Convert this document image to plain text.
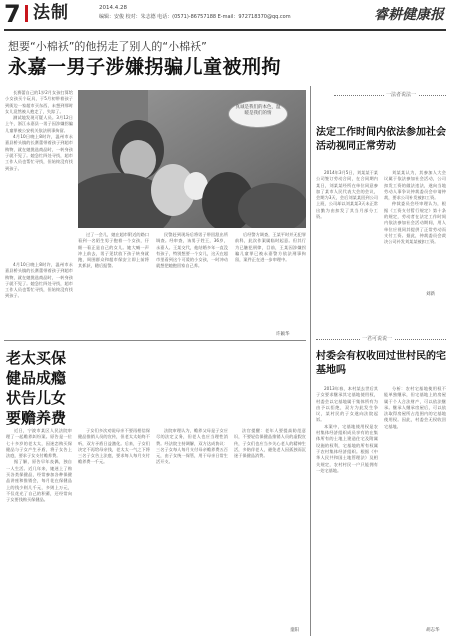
7 法制	2014.4.28
编辑：安俊 校对：朱志德 电话：(0571)-86757188 E-mail：972718370@qq.com	睿耕健康报
想要“小棉袄”的他拐走了别人的“小棉袄”
永嘉一男子涉嫌拐骗儿童被刑拘

长赛蕾自己的1岁2月女孩打算给小女孩买个玩具，于5月初带着孩子到街边一家超市买东西，未想到那时女儿竟然被人抱走了，失踪了。

测试地发现可疑人员。3月12日上午，浙江永嘉县一男子因涉嫌拐骗儿童罪被公安机关依法刑事拘留。

4月10日晚上8时许，温州市永嘉县桥头镇的长赛蕾带着孩子到超市购物，就在她挑选商品时，一转身孩子就不见了。她急忙四处寻找，超市工作人员也帮忙寻找，但始终没有找到孩子。

真诚是我们的本色，温暖是我们的情

过了一会儿，她在超市附近的路口看到一名陌生男子抱着一个女孩，仔细一看正是自己的女儿。她大喊一声冲上前去，男子见状放下孩子转身就跑，周围群众和超市保安立即上前将其抓获，随后报警。

民警赶到现场后将男子带回派出所调查。经审查，该男子姓王，36岁，永嘉人。王某交代，他结婚多年一直没有孩子，特别想要一个女儿，这天在超市里看到这个可爱的小女孩，一时冲动就想把她抱回家自己养。

后经警方调查，王某平时并无犯罪前科，此次作案属临时起意。但其行为已触犯刑律，目前，王某因涉嫌拐骗儿童罪已被永嘉警方依法刑事拘留，案件正在进一步审理中。

4月10日晚上8时许，温州市永嘉县桥头镇的长赛蕾带着孩子到超市购物，就在她挑选商品时，一转身孩子就不见了。她急忙四处寻找，超市工作人员也帮忙寻找，但始终没有找到孩子。

许颖华
一法者说法一
法定工作时间内依法参加社会活动视同正常劳动

2014年3月5日，刘某某于某公司签订劳动合同，在合同期内某日，刘某某经所在单位同意参加了某市人民代表大会的会议，会期为3天，会后刘某某回到公司上班，公司却以刘某某3天未正常出勤为由扣发了其当月部分工资。

刘某某认为，其参加人大会议属于依法参加社会活动，公司扣发工资的做法违法，遂向当地劳动人事争议仲裁委员会申请仲裁，要求公司补发被扣工资。

仲裁委员会经审理认为，根据《工资支付暂行规定》第十条的规定，劳动者在法定工作时间内依法参加社会活动期间，用人单位应视同其提供了正常劳动而支付工资。据此，仲裁委员会裁决公司补发刘某某被扣工资。

刘新
一君可说说一
村委会有权收回过世村民的宅基地吗

2013年春，本村某去世后其子女要求继承其宅基地使用权，村委会以宅基地属于集体所有为由予以拒绝，双方为此发生争议，某村民的子女遂向法院起诉。

本案中，宅基地使用权是农村集体经济组织成员享有的在集体所有的土地上建造住宅及附属设施的权利，宅基地的所有权属于农村集体经济组织。根据《中华人民共和国土地管理法》及相关规定，农村村民一户只能拥有一处宅基地。

分析：农村宅基地使用权不能单独继承，但宅基地上的房屋属于个人合法财产，可以依法继承。继承人继承房屋后，可以依法取得房屋所占范围内的宅基地使用权。因此，村委会无权收回宅基地。

胡志华
老太买保健品成瘾 状告儿女要赡养费

近日，宁波市某区人民法院审理了一起赡养纠纷案。原告是一位七十多岁的老太太，因迷恋购买保健品与子女产生矛盾，将子女告上法庭，要求子女支付赡养费。

据了解，原告早年丧偶，独自一人生活。近几年来，她迷上了购买各类保健品，经常参加各种保健品讲座和推销会，每月花在保健品上的钱少则几千元，多则上万元，不仅花光了自己的积蓄，还经常向子女要钱购买保健品。

子女们多次劝说母亲不要再相信保健品推销人员的宣传，但老太太始终不听，双方矛盾日益激化。后来，子女们决定不再给母亲钱，老太太一气之下将三名子女告上法庭，要求每人每月支付赡养费一千元。

法院审理认为，赡养父母是子女应尽的法定义务，但老人也应当理性消费。经法院主持调解，双方达成协议：三名子女每人每月支付母亲赡养费五百元，由子女统一保管，用于母亲日常生活开支。

法官提醒：老年人要提高防范意识，不要轻信保健品推销人员的虚假宣传，子女们也应当多关心老人的精神生活，多陪伴老人，避免老人因孤独而沉迷于保健品消费。

童阳
